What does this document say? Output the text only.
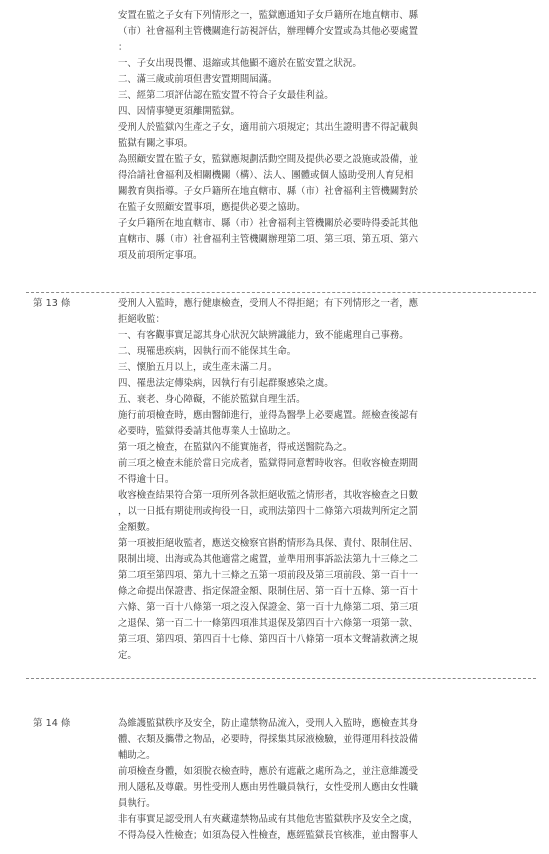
安置在監之子女有下列情形之一，監獄應通知子女戶籍所在地直轄市、縣
（市）社會福利主管機關進行訪視評估，辦理轉介安置或為其他必要處置
：
一、子女出現畏懼、退縮或其他顯不適於在監安置之狀況。
二、滿三歲或前項但書安置期間屆滿。
三、經第二項評估認在監安置不符合子女最佳利益。
四、因情事變更須離開監獄。
受刑人於監獄內生產之子女，適用前六項規定；其出生證明書不得記載與
監獄有關之事項。
為照顧安置在監子女，監獄應規劃活動空間及提供必要之設施或設備，並
得洽請社會福利及相關機關（構）、法人、團體或個人協助受刑人育兒相
關教育與指導。子女戶籍所在地直轄市、縣（市）社會福利主管機關對於
在監子女照顧安置事項，應提供必要之協助。
子女戶籍所在地直轄市、縣（市）社會福利主管機關於必要時得委託其他
直轄市、縣（市）社會福利主管機關辦理第二項、第三項、第五項、第六
項及前項所定事項。
第 13 條	受刑人入監時，應行健康檢查，受刑人不得拒絕；有下列情形之一者，應
拒絕收監：
一、有客觀事實足認其身心狀況欠缺辨識能力，致不能處理自己事務。
二、現罹患疾病，因執行而不能保其生命。
三、懷胎五月以上，或生產未滿二月。
四、罹患法定傳染病，因執行有引起群聚感染之虞。
五、衰老、身心障礙，不能於監獄自理生活。
施行前項檢查時，應由醫師進行，並得為醫學上必要處置。經檢查後認有
必要時，監獄得委請其他專業人士協助之。
第一項之檢查，在監獄內不能實施者，得戒送醫院為之。
前三項之檢查未能於當日完成者，監獄得同意暫時收容。但收容檢查期間
不得逾十日。
收容檢查結果符合第一項所列各款拒絕收監之情形者，其收容檢查之日數
，以一日抵有期徒刑或拘役一日，或刑法第四十二條第六項裁判所定之罰
金額數。
第一項被拒絕收監者，應送交檢察官斟酌情形為具保、責付、限制住居、
限制出境、出海或為其他適當之處置，並準用刑事訴訟法第九十三條之二
第二項至第四項、第九十三條之五第一項前段及第三項前段、第一百十一
條之命提出保證書、指定保證金額、限制住居、第一百十五條、第一百十
六條、第一百十八條第一項之沒入保證金、第一百十九條第二項、第三項
之退保、第一百二十一條第四項准其退保及第四百十六條第一項第一款、
第三項、第四項、第四百十七條、第四百十八條第一項本文聲請救濟之規
定。
第 14 條	為維護監獄秩序及安全，防止違禁物品流入，受刑人入監時，應檢查其身
體、衣類及攜帶之物品，必要時，得採集其尿液檢驗，並得運用科技設備
輔助之。
前項檢查身體，如須脫衣檢查時，應於有遮蔽之處所為之，並注意維護受
刑人隱私及尊嚴。男性受刑人應由男性職員執行，女性受刑人應由女性職
員執行。
非有事實足認受刑人有夾藏違禁物品或有其他危害監獄秩序及安全之虞，
不得為侵入性檢查；如須為侵入性檢查，應經監獄長官核准，並由醫事人
